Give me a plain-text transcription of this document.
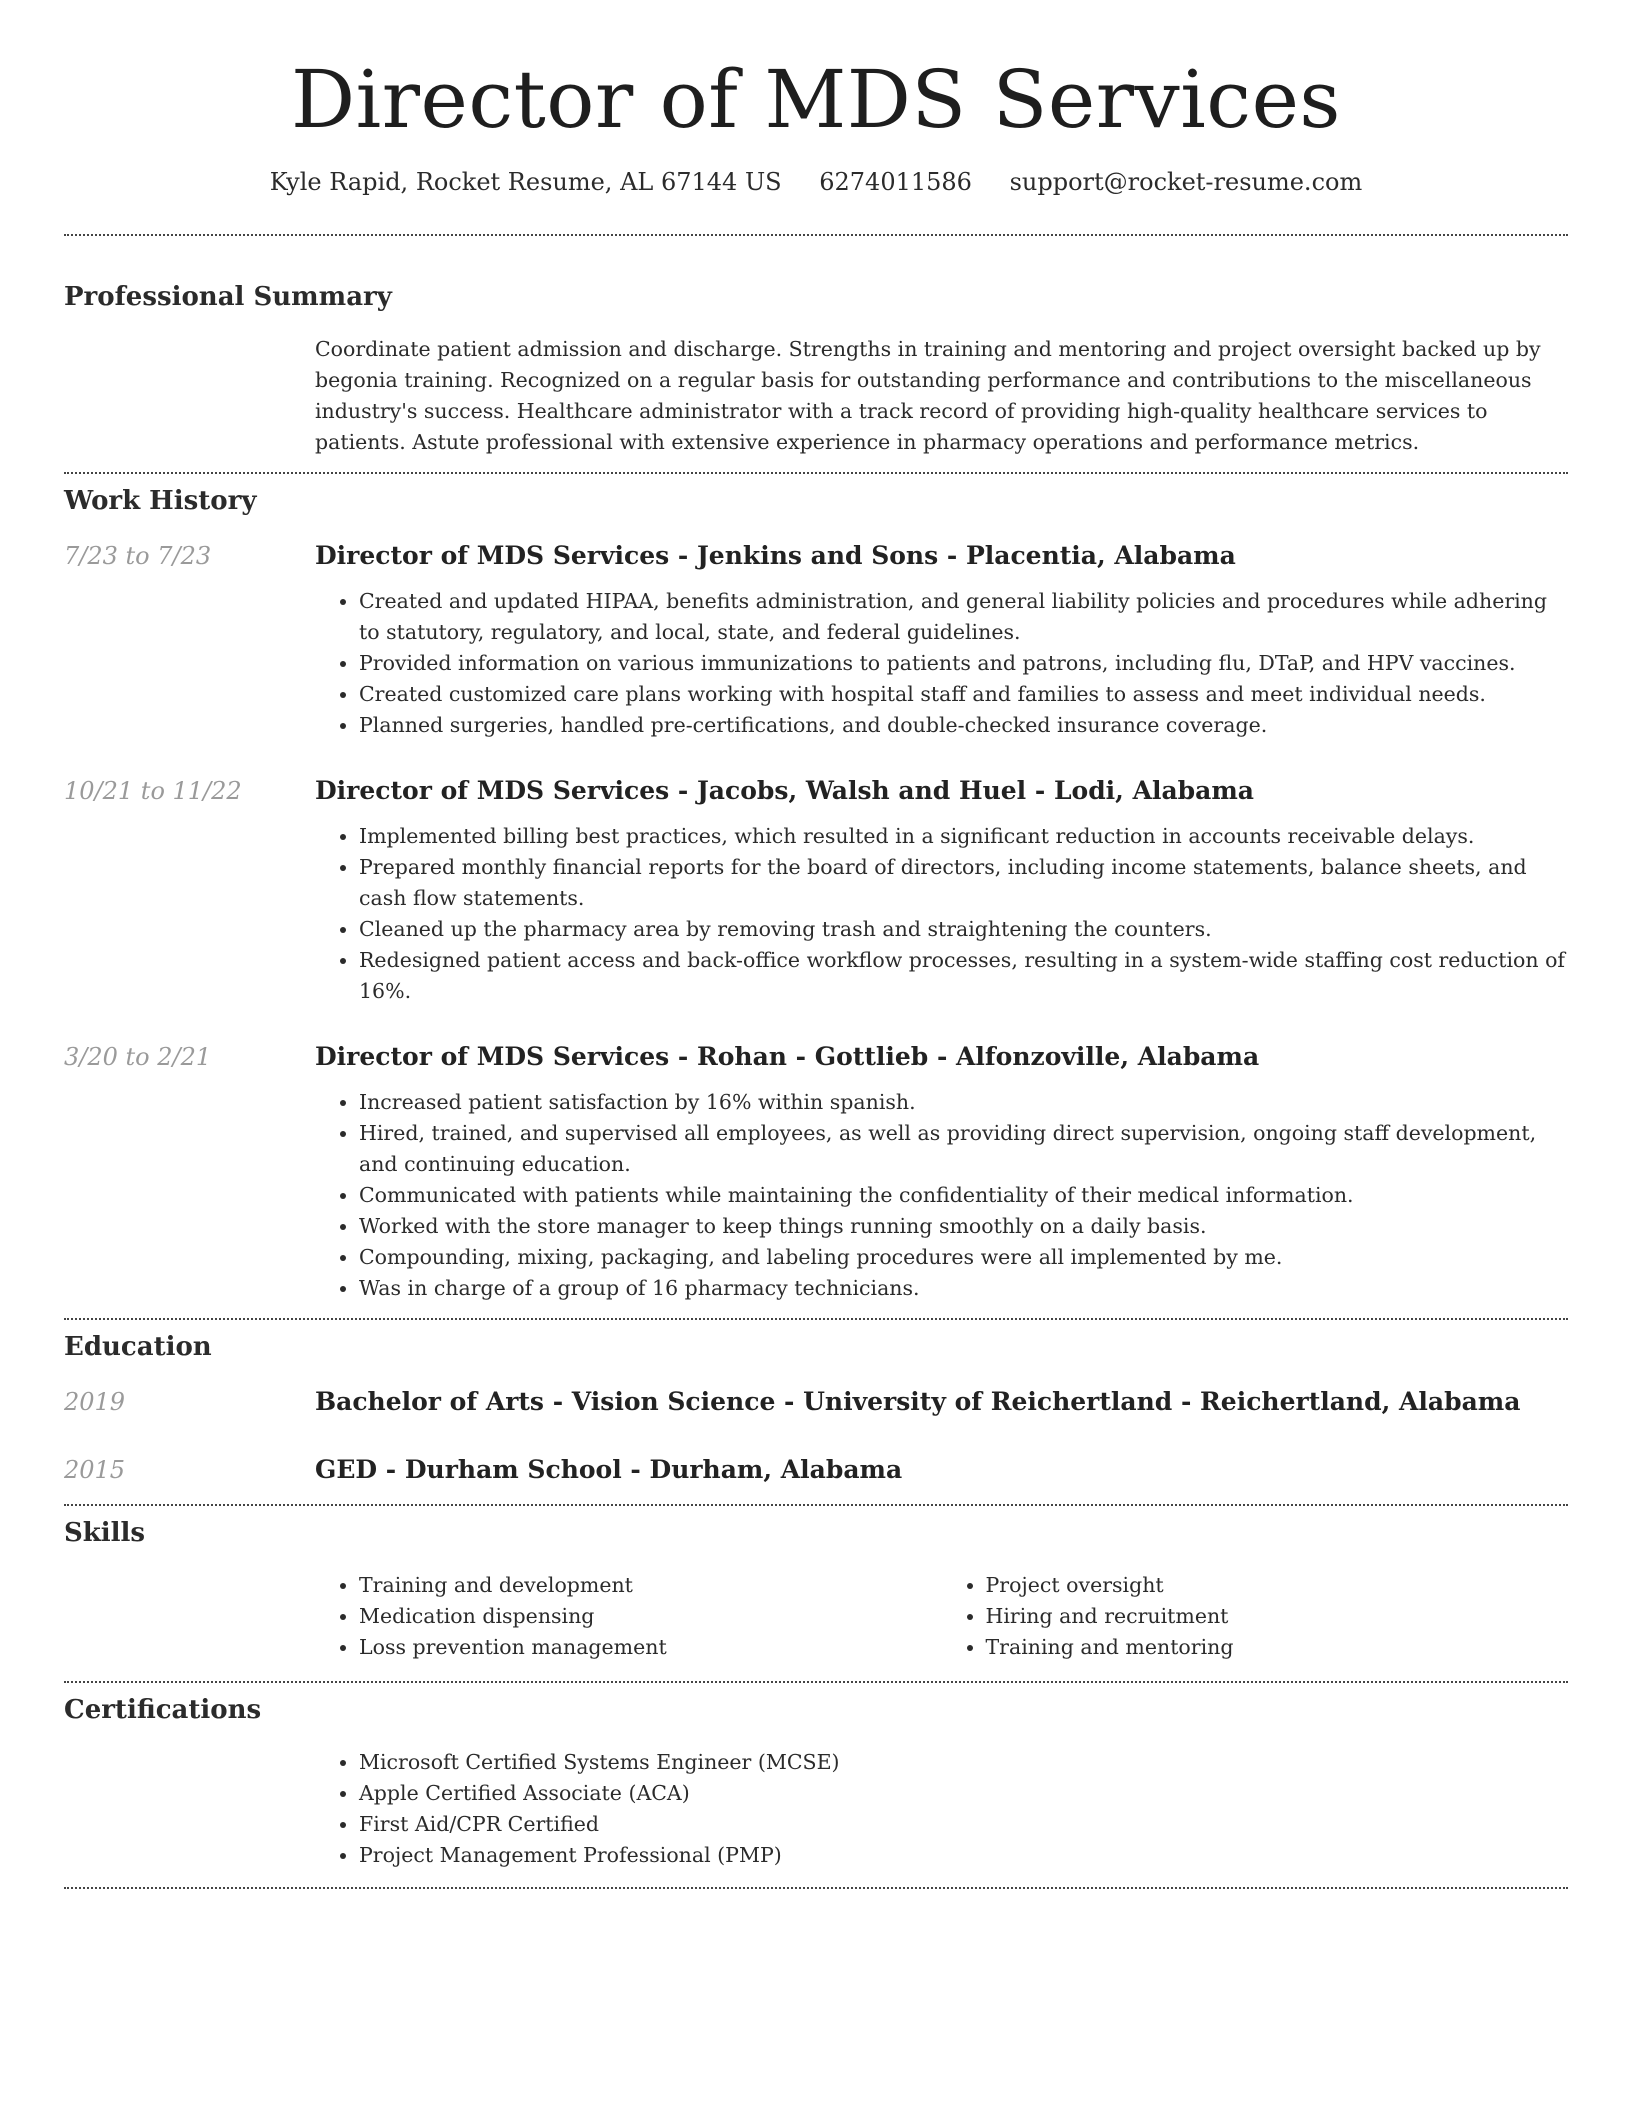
Director of MDS Services
Kyle Rapid, Rocket Resume, AL 67144 US 6274011586 support@rocket-resume.com
Professional Summary

Coordinate patient admission and discharge. Strengths in training and mentoring and project oversight backed up by begonia training. Recognized on a regular basis for outstanding performance and contributions to the miscellaneous industry's success. Healthcare administrator with a track record of providing high-quality healthcare services to patients. Astute professional with extensive experience in pharmacy operations and performance metrics.

Work History
7/23 to 7/23	Director of MDS Services - Jenkins and Sons - Placentia, Alabama
• Created and updated HIPAA, benefits administration, and general liability policies and procedures while adhering to statutory, regulatory, and local, state, and federal guidelines.
• Provided information on various immunizations to patients and patrons, including flu, DTaP, and HPV vaccines.
• Created customized care plans working with hospital staff and families to assess and meet individual needs.
• Planned surgeries, handled pre-certifications, and double-checked insurance coverage.
10/21 to 11/22	Director of MDS Services - Jacobs, Walsh and Huel - Lodi, Alabama
• Implemented billing best practices, which resulted in a significant reduction in accounts receivable delays.
• Prepared monthly financial reports for the board of directors, including income statements, balance sheets, and cash flow statements.
• Cleaned up the pharmacy area by removing trash and straightening the counters.
• Redesigned patient access and back-office workflow processes, resulting in a system-wide staffing cost reduction of 16%.
3/20 to 2/21	Director of MDS Services - Rohan - Gottlieb - Alfonzoville, Alabama
• Increased patient satisfaction by 16% within spanish.
• Hired, trained, and supervised all employees, as well as providing direct supervision, ongoing staff development, and continuing education.
• Communicated with patients while maintaining the confidentiality of their medical information.
• Worked with the store manager to keep things running smoothly on a daily basis.
• Compounding, mixing, packaging, and labeling procedures were all implemented by me.
• Was in charge of a group of 16 pharmacy technicians.
Education
2019	Bachelor of Arts - Vision Science - University of Reichertland - Reichertland, Alabama
2015	GED - Durham School - Durham, Alabama
Skills
• Training and development
• Medication dispensing
• Loss prevention management
• Project oversight
• Hiring and recruitment
• Training and mentoring
Certifications
• Microsoft Certified Systems Engineer (MCSE)
• Apple Certified Associate (ACA)
• First Aid/CPR Certified
• Project Management Professional (PMP)
